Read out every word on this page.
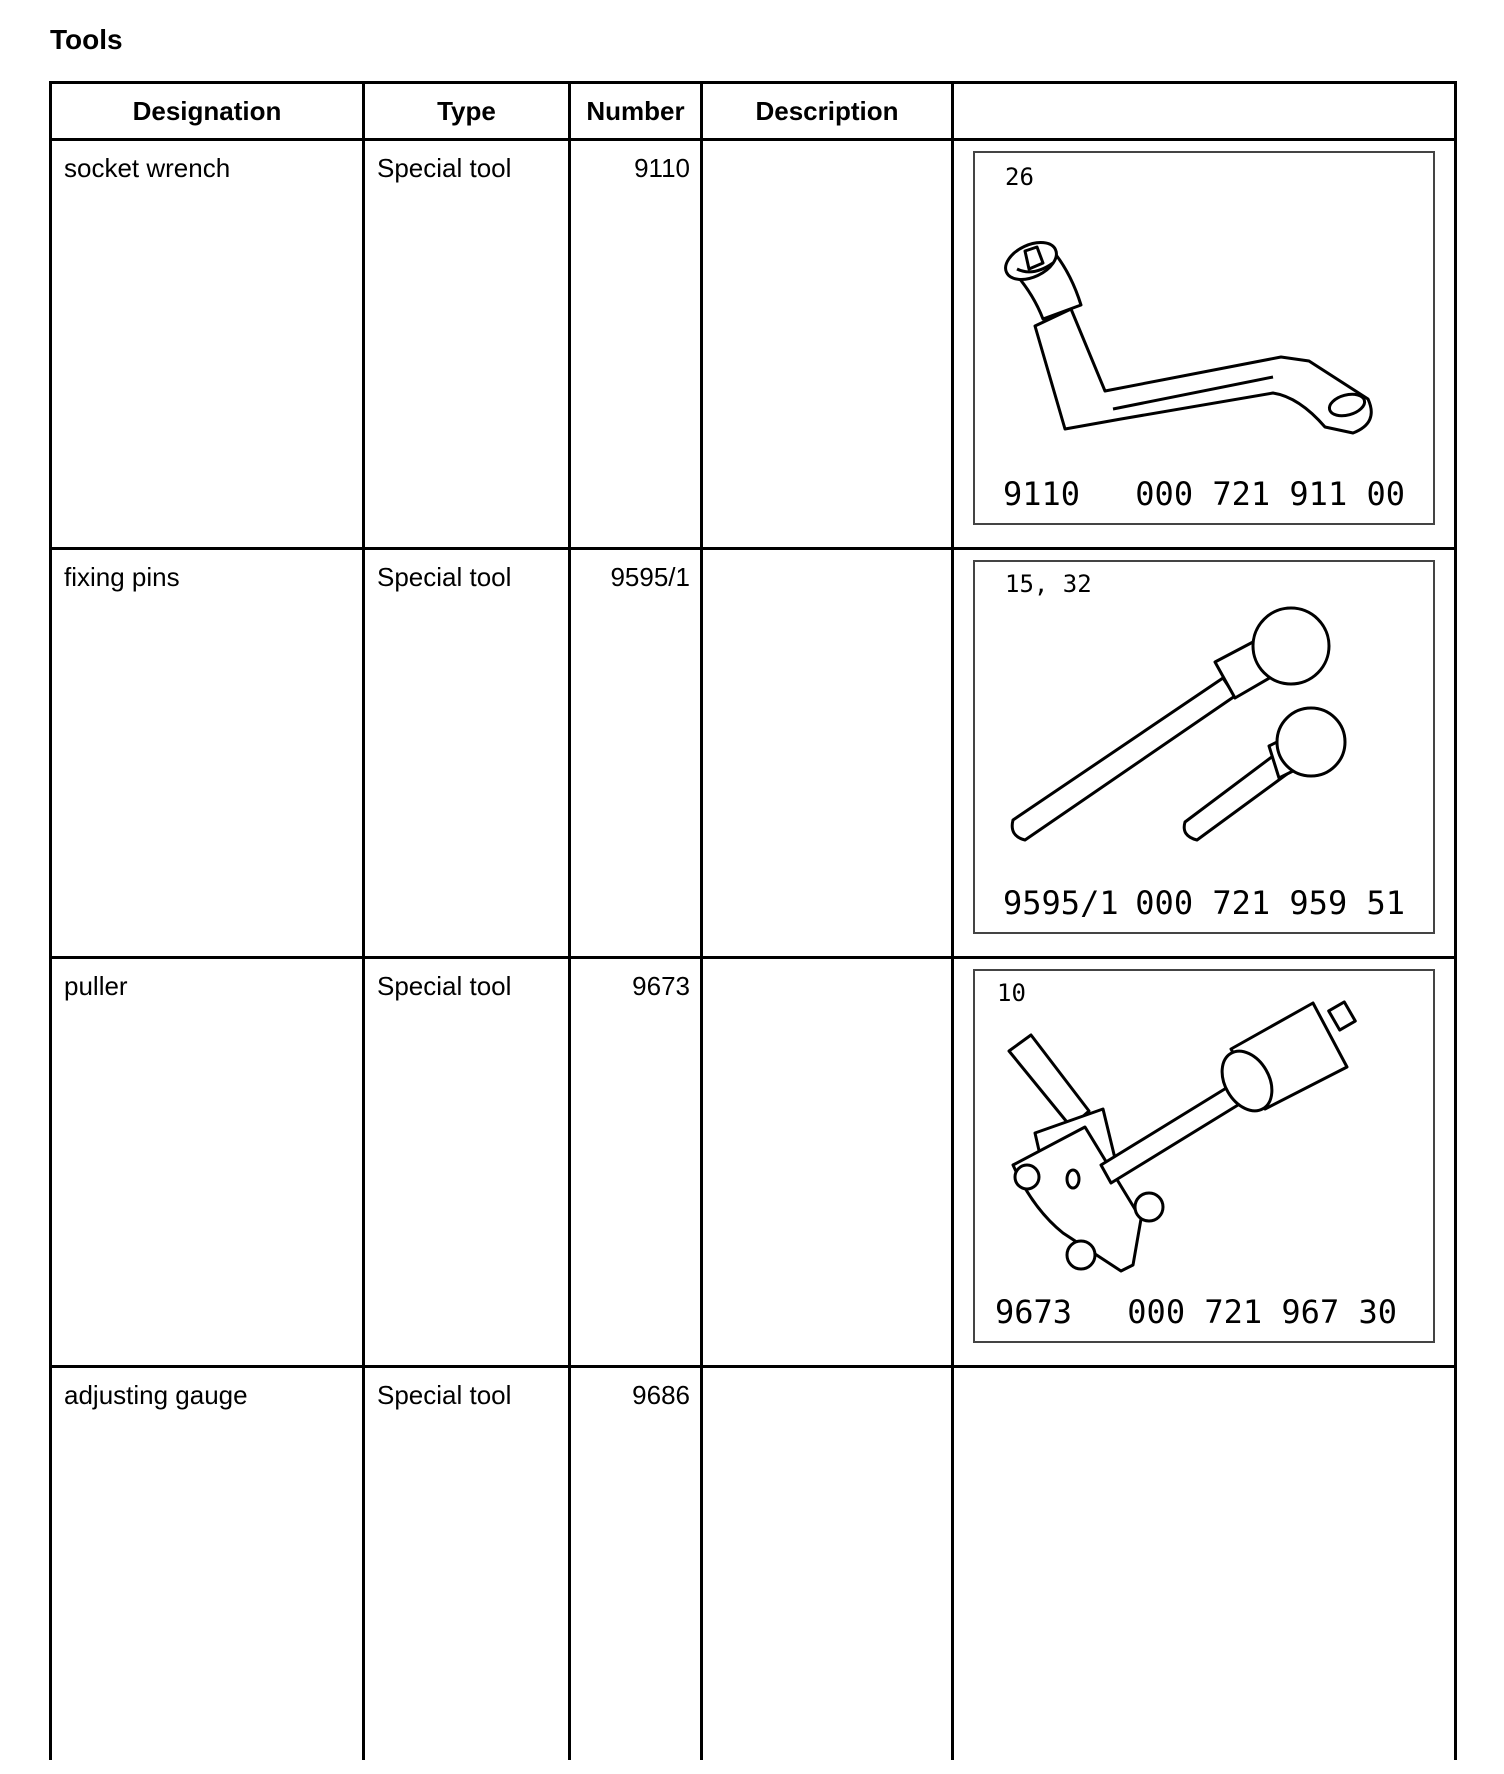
Tools
Designation	Type	Number	Description	
socket wrench	Special tool	9110		26
9110 000 721 911 00

fixing pins	Special tool	9595/1		15, 32
9595/1 000 721 959 51

puller	Special tool	9673		10
9673 000 721 967 30

adjusting gauge	Special tool	9686		
